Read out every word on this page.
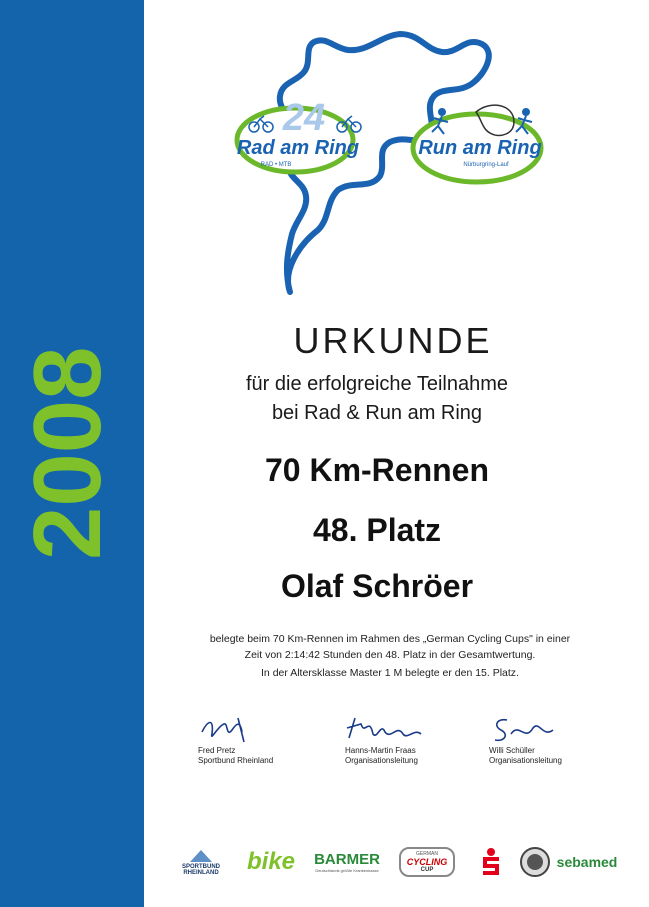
2008
24
Rad am Ring
RAD • MTB
Run am Ring
Nürburgring-Lauf
URKUNDE
für die erfolgreiche Teilnahme
bei Rad & Run am Ring
70 Km-Rennen
48. Platz
Olaf Schröer
belegte beim 70 Km-Rennen im Rahmen des „German Cycling Cups" in einer
Zeit von 2:14:42 Stunden den 48. Platz in der Gesamtwertung.
In der Altersklasse Master 1 M belegte er den 15. Platz.
Fred Pretz
Sportbund Rheinland
Hanns-Martin Fraas
Organisationsleitung
Willi Schüller
Organisationsleitung
SPORTBUND
RHEINLAND bike BARMER
Deutschlands größte Krankenkasse
GERMAN
CYCLING
CUP	sebamed
